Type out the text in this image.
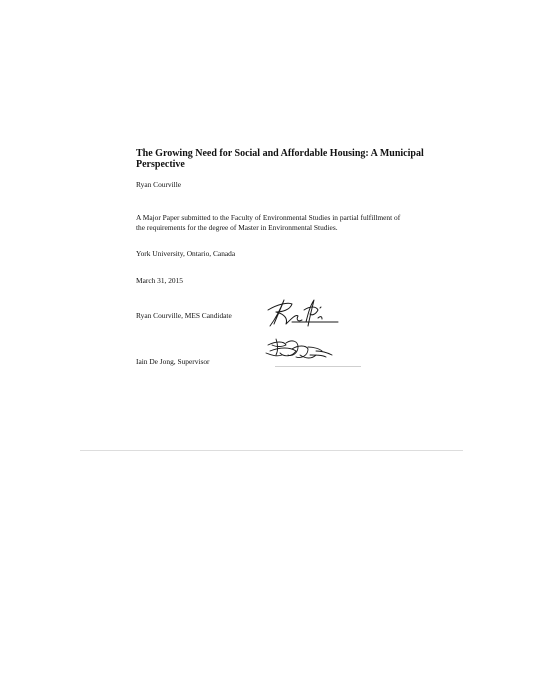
The Growing Need for Social and Affordable Housing: A Municipal Perspective

Ryan Courville

A Major Paper submitted to the Faculty of Environmental Studies in partial fulfillment of
the requirements for the degree of Master in Environmental Studies.

York University, Ontario, Canada

March 31, 2015

Ryan Courville, MES Candidate

Iain De Jong, Supervisor
